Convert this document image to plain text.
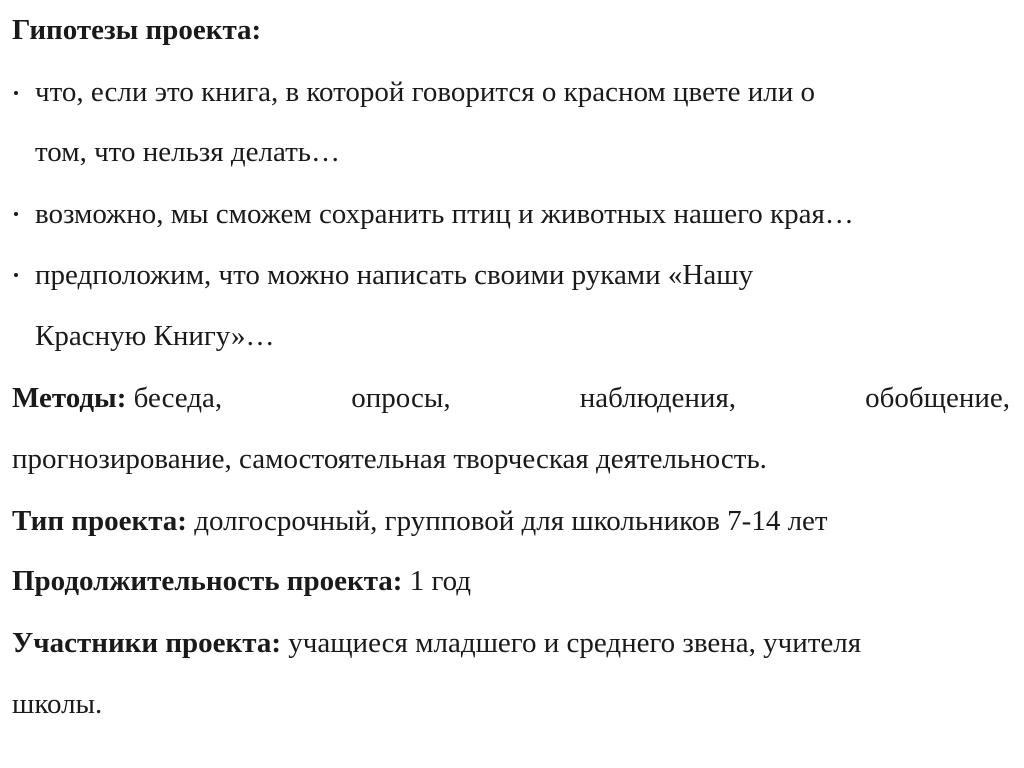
Гипотезы проекта:
что, если это книга, в которой говорится о красном цвете или о
том, что нельзя делать…
возможно, мы сможем сохранить птиц и животных нашего края…
предположим, что можно написать своими руками «Нашу
Красную Книгу»…
Методы: беседа,	опросы,	наблюдения,	обобщение,
прогнозирование, самостоятельная творческая деятельность.
Тип проекта: долгосрочный, групповой для школьников 7-14 лет
Продолжительность проекта: 1 год
Участники проекта: учащиеся младшего и среднего звена, учителя
школы.
